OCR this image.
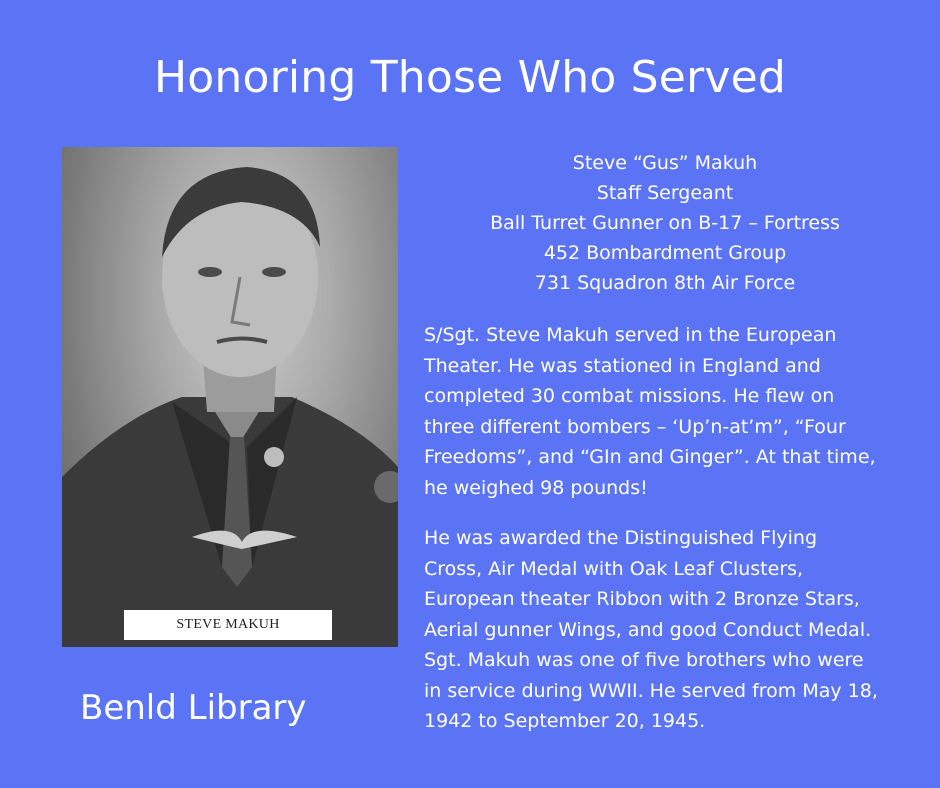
Honoring Those Who Served
STEVE MAKUH
Benld Library
Steve “Gus” Makuh
Staff Sergeant
Ball Turret Gunner on B-17 – Fortress
452 Bombardment Group
731 Squadron 8th Air Force
S/Sgt. Steve Makuh served in the European
Theater. He was stationed in England and
completed 30 combat missions. He flew on
three different bombers – ‘Up’n-at’m”, “Four
Freedoms”, and “GIn and Ginger”. At that time,
he weighed 98 pounds!
He was awarded the Distinguished Flying
Cross, Air Medal with Oak Leaf Clusters,
European theater Ribbon with 2 Bronze Stars,
Aerial gunner Wings, and good Conduct Medal.
Sgt. Makuh was one of five brothers who were
in service during WWII. He served from May 18,
1942 to September 20, 1945.
